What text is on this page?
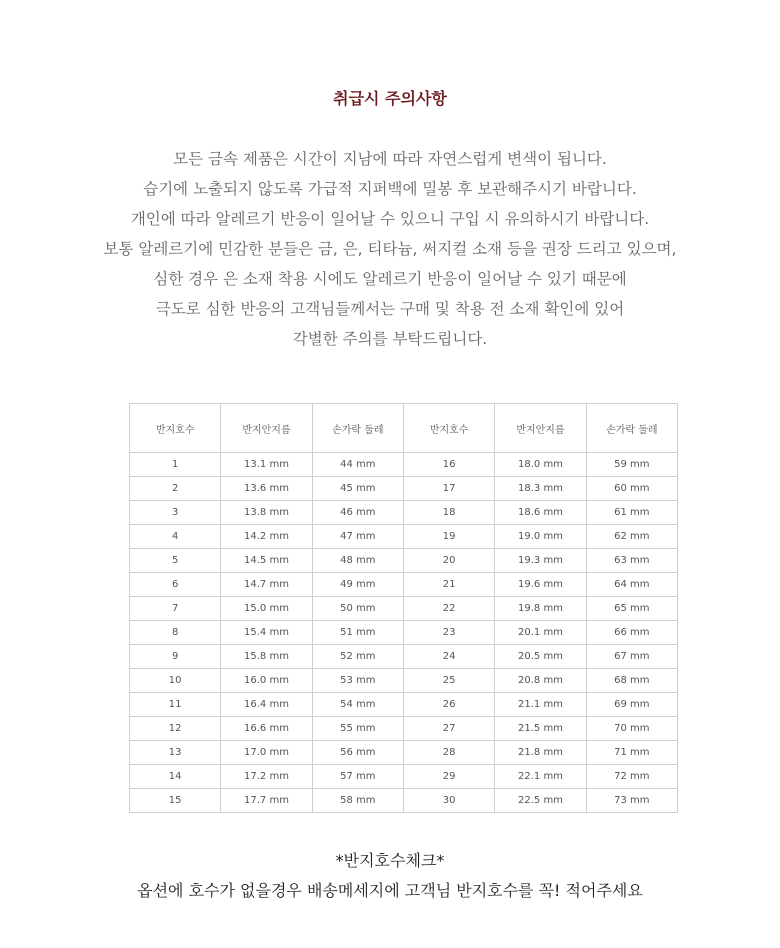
취급시 주의사항

모든 금속 제품은 시간이 지남에 따라 자연스럽게 변색이 됩니다.

습기에 노출되지 않도록 가급적 지퍼백에 밀봉 후 보관해주시기 바랍니다.

개인에 따라 알레르기 반응이 일어날 수 있으니 구입 시 유의하시기 바랍니다.

보통 알레르기에 민감한 분들은 금, 은, 티타늄, 써지컬 소재 등을 권장 드리고 있으며,

심한 경우 은 소재 착용 시에도 알레르기 반응이 일어날 수 있기 때문에

극도로 심한 반응의 고객님들께서는 구매 및 착용 전 소재 확인에 있어

각별한 주의를 부탁드립니다.

반지호수	반지안지름	손가락 둘레	반지호수	반지안지름	손가락 둘레
1	13.1 mm	44 mm	16	18.0 mm	59 mm
2	13.6 mm	45 mm	17	18.3 mm	60 mm
3	13.8 mm	46 mm	18	18.6 mm	61 mm
4	14.2 mm	47 mm	19	19.0 mm	62 mm
5	14.5 mm	48 mm	20	19.3 mm	63 mm
6	14.7 mm	49 mm	21	19.6 mm	64 mm
7	15.0 mm	50 mm	22	19.8 mm	65 mm
8	15.4 mm	51 mm	23	20.1 mm	66 mm
9	15.8 mm	52 mm	24	20.5 mm	67 mm
10	16.0 mm	53 mm	25	20.8 mm	68 mm
11	16.4 mm	54 mm	26	21.1 mm	69 mm
12	16.6 mm	55 mm	27	21.5 mm	70 mm
13	17.0 mm	56 mm	28	21.8 mm	71 mm
14	17.2 mm	57 mm	29	22.1 mm	72 mm
15	17.7 mm	58 mm	30	22.5 mm	73 mm
*반지호수체크*
옵션에 호수가 없을경우 배송메세지에 고객님 반지호수를 꼭! 적어주세요
